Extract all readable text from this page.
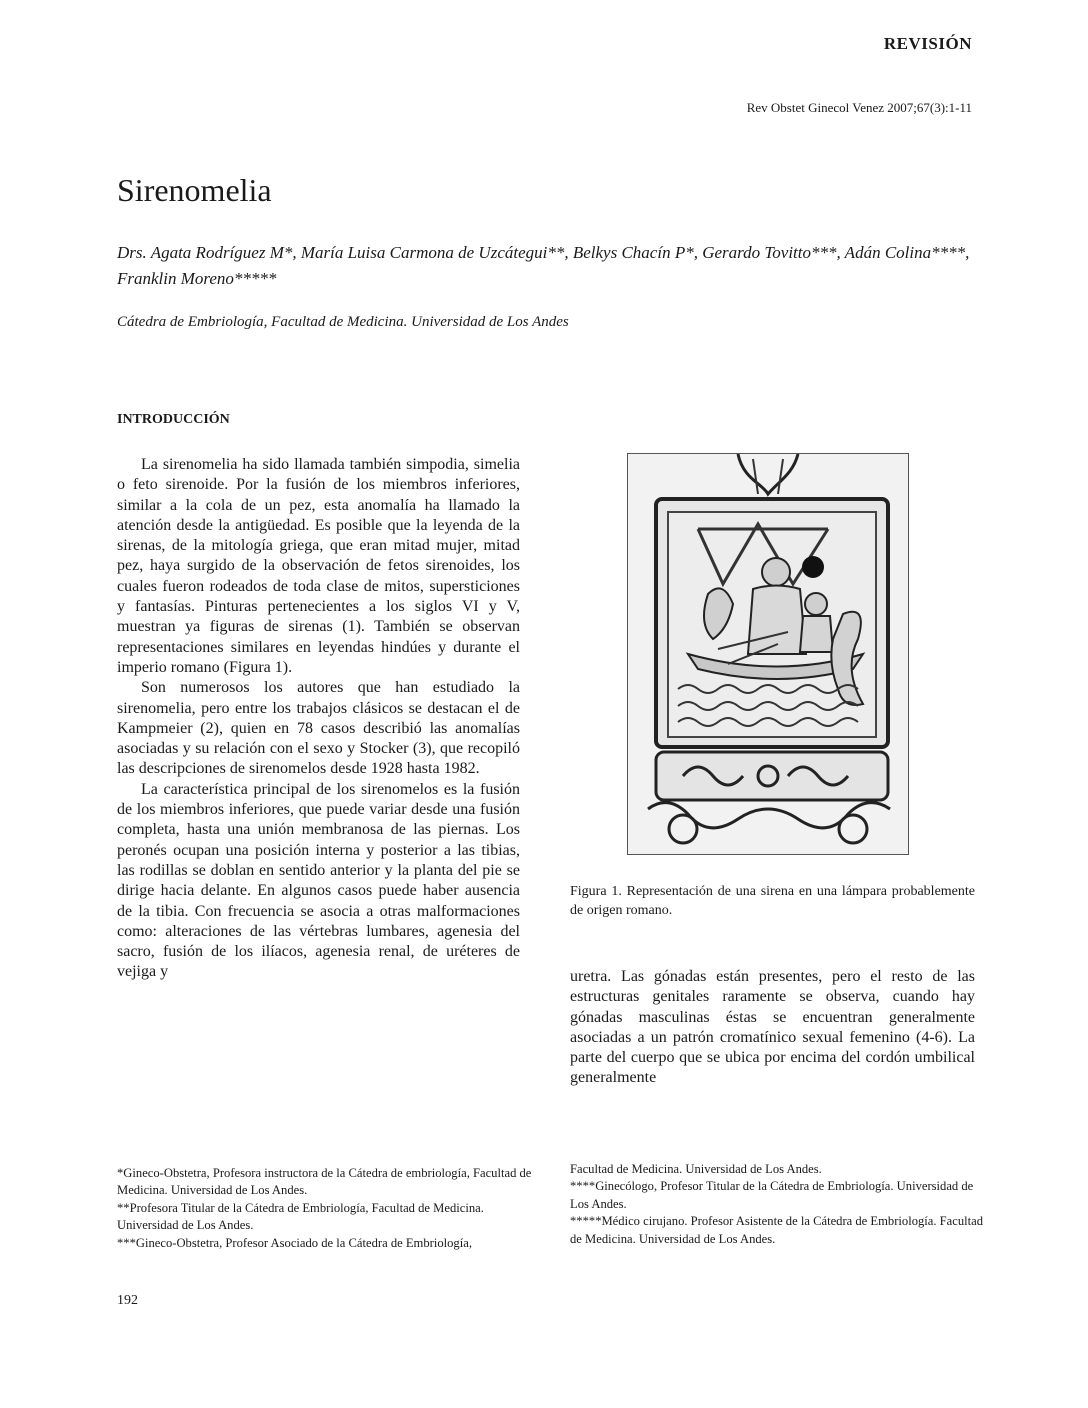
REVISIÓN
Rev Obstet Ginecol Venez 2007;67(3):1-11
Sirenomelia
Drs. Agata Rodríguez M*, María Luisa Carmona de Uzcátegui**, Belkys Chacín P*, Gerardo Tovitto***, Adán Colina****, Franklin Moreno*****
Cátedra de Embriología, Facultad de Medicina. Universidad de Los Andes
INTRODUCCIÓN

La sirenomelia ha sido llamada también simpodia, simelia o feto sirenoide. Por la fusión de los miembros inferiores, similar a la cola de un pez, esta anomalía ha llamado la atención desde la antigüedad. Es posible que la leyenda de la sirenas, de la mitología griega, que eran mitad mujer, mitad pez, haya surgido de la observación de fetos sirenoides, los cuales fueron rodeados de toda clase de mitos, supersticiones y fantasías. Pinturas pertenecientes a los siglos VI y V, muestran ya figuras de sirenas (1). También se observan representaciones similares en leyendas hindúes y durante el imperio romano (Figura 1).

Son numerosos los autores que han estudiado la sirenomelia, pero entre los trabajos clásicos se destacan el de Kampmeier (2), quien en 78 casos describió las anomalías asociadas y su relación con el sexo y Stocker (3), que recopiló las descripciones de sirenomelos desde 1928 hasta 1982.

La característica principal de los sirenomelos es la fusión de los miembros inferiores, que puede variar desde una fusión completa, hasta una unión membranosa de las piernas. Los peronés ocupan una posición interna y posterior a las tibias, las rodillas se doblan en sentido anterior y la planta del pie se dirige hacia delante. En algunos casos puede haber ausencia de la tibia. Con frecuencia se asocia a otras malformaciones como: alteraciones de las vértebras lumbares, agenesia del sacro, fusión de los ilíacos, agenesia renal, de uréteres de vejiga y

Figura 1. Representación de una sirena en una lámpara probablemente de origen romano.

uretra. Las gónadas están presentes, pero el resto de las estructuras genitales raramente se observa, cuando hay gónadas masculinas éstas se encuentran generalmente asociadas a un patrón cromatínico sexual femenino (4-6). La parte del cuerpo que se ubica por encima del cordón umbilical generalmente

*Gineco-Obstetra, Profesora instructora de la Cátedra de embriología, Facultad de Medicina. Universidad de Los Andes.
**Profesora Titular de la Cátedra de Embriología, Facultad de Medicina. Universidad de Los Andes.
***Gineco-Obstetra, Profesor Asociado de la Cátedra de Embriología,
Facultad de Medicina. Universidad de Los Andes.
****Ginecólogo, Profesor Titular de la Cátedra de Embriología. Universidad de Los Andes.
*****Médico cirujano. Profesor Asistente de la Cátedra de Embriología. Facultad de Medicina. Universidad de Los Andes.
192
